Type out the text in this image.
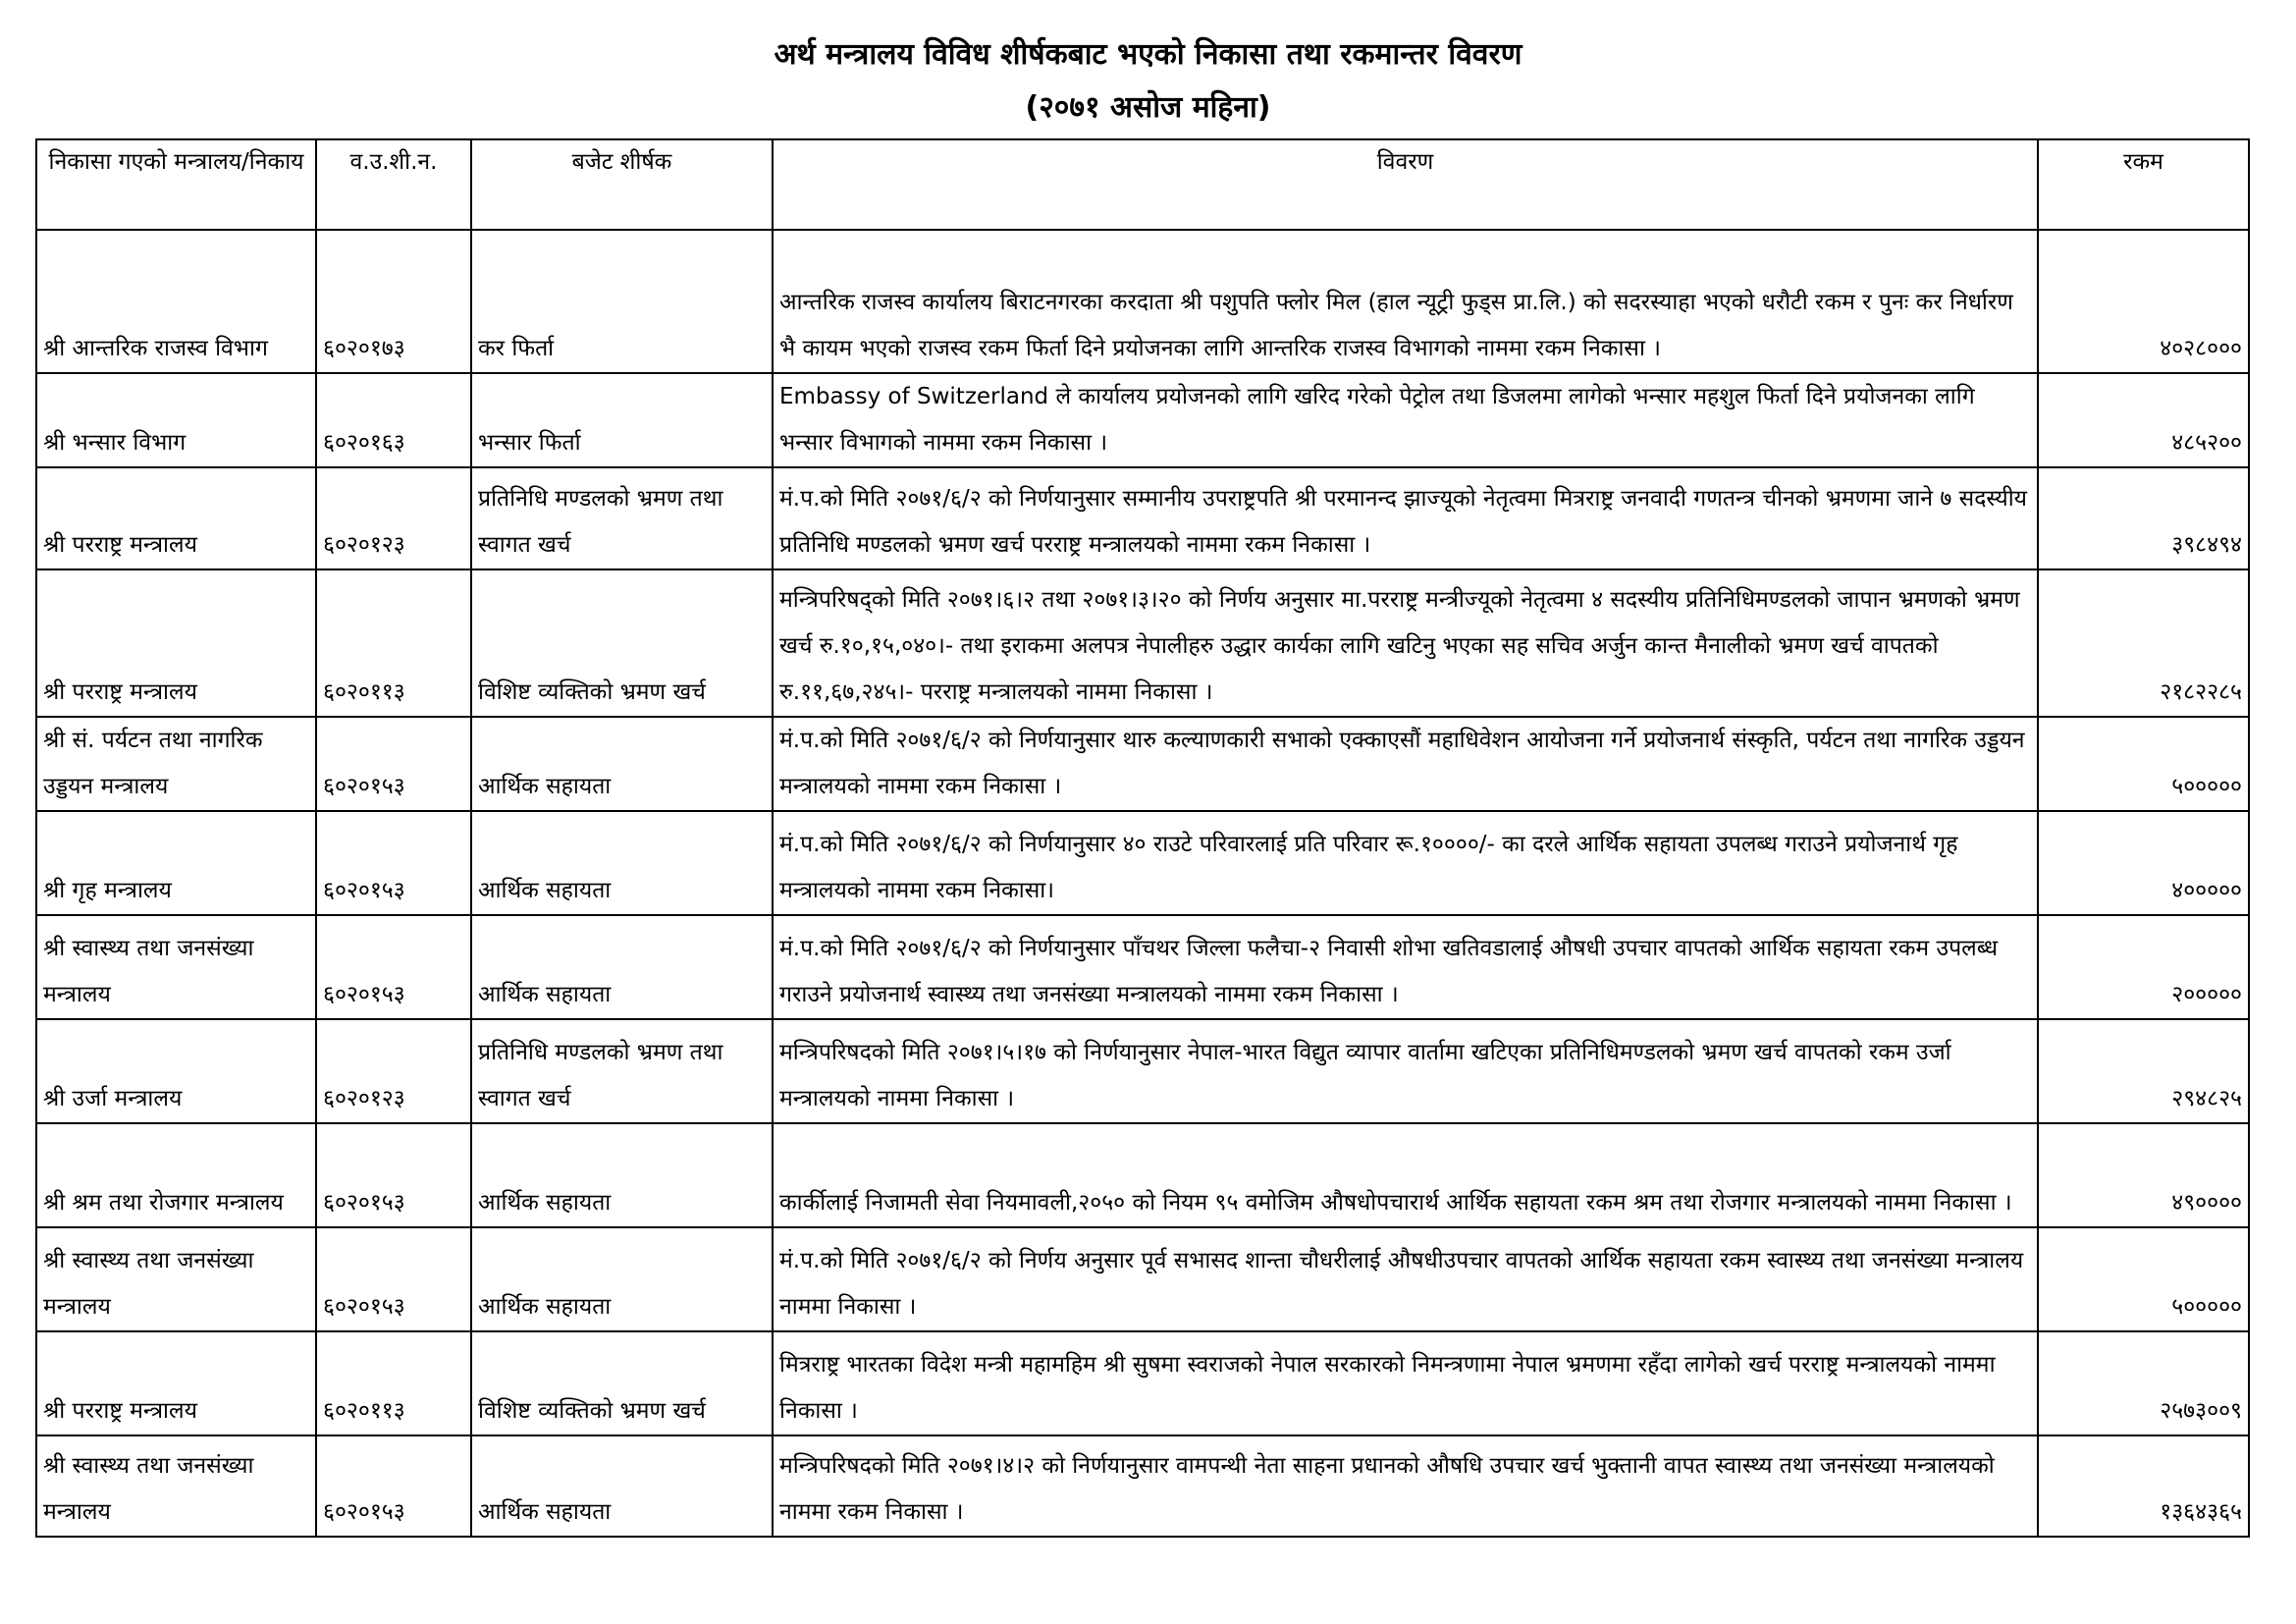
अर्थ मन्त्रालय विविध शीर्षकबाट भएको निकासा तथा रकमान्तर विवरण
(२०७१ असोज महिना)
निकासा गएको मन्त्रालय/निकाय	व.उ.शी.न.	बजेट शीर्षक	विवरण	रकम
श्री आन्तरिक राजस्व विभाग	६०२०१७३	कर फिर्ता	आन्तरिक राजस्व कार्यालय बिराटनगरका करदाता श्री पशुपति फ्लोर मिल (हाल न्यूट्री फुड्स प्रा.लि.) को सदरस्याहा भएको धरौटी रकम र पुनः कर निर्धारण भै कायम भएको राजस्व रकम फिर्ता दिने प्रयोजनका लागि आन्तरिक राजस्व विभागको नाममा रकम निकासा ।	४०२८०००
श्री भन्सार विभाग	६०२०१६३	भन्सार फिर्ता	Embassy of Switzerland ले कार्यालय प्रयोजनको लागि खरिद गरेको पेट्रोल तथा डिजलमा लागेको भन्सार महशुल फिर्ता दिने प्रयोजनका लागि भन्सार विभागको नाममा रकम निकासा ।	४८५२००
श्री परराष्ट्र मन्त्रालय	६०२०१२३	प्रतिनिधि मण्डलको भ्रमण तथा स्वागत खर्च	मं.प.को मिति २०७१/६/२ को निर्णयानुसार सम्मानीय उपराष्ट्रपति श्री परमानन्द झाज्यूको नेतृत्वमा मित्रराष्ट्र जनवादी गणतन्त्र चीनको भ्रमणमा जाने ७ सदस्यीय प्रतिनिधि मण्डलको भ्रमण खर्च परराष्ट्र मन्त्रालयको नाममा रकम निकासा ।	३९८४९४
श्री परराष्ट्र मन्त्रालय	६०२०११३	विशिष्ट व्यक्तिको भ्रमण खर्च	मन्त्रिपरिषद्को मिति २०७१।६।२ तथा २०७१।३।२० को निर्णय अनुसार मा.परराष्ट्र मन्त्रीज्यूको नेतृत्वमा ४ सदस्यीय प्रतिनिधिमण्डलको जापान भ्रमणको भ्रमण खर्च रु.१०,१५,०४०।- तथा इराकमा अलपत्र नेपालीहरु उद्धार कार्यका लागि खटिनु भएका सह सचिव अर्जुन कान्त मैनालीको भ्रमण खर्च वापतको रु.११,६७,२४५।- परराष्ट्र मन्त्रालयको नाममा निकासा ।	२१८२२८५
श्री सं. पर्यटन तथा नागरिक उड्डयन मन्त्रालय	६०२०१५३	आर्थिक सहायता	मं.प.को मिति २०७१/६/२ को निर्णयानुसार थारु कल्याणकारी सभाको एक्काएसौं महाधिवेशन आयोजना गर्ने प्रयोजनार्थ संस्कृति, पर्यटन तथा नागरिक उड्डयन मन्त्रालयको नाममा रकम निकासा ।	५०००००
श्री गृह मन्त्रालय	६०२०१५३	आर्थिक सहायता	मं.प.को मिति २०७१/६/२ को निर्णयानुसार ४० राउटे परिवारलाई प्रति परिवार रू.१००००/- का दरले आर्थिक सहायता उपलब्ध गराउने प्रयोजनार्थ गृह मन्त्रालयको नाममा रकम निकासा।	४०००००
श्री स्वास्थ्य तथा जनसंख्या मन्त्रालय	६०२०१५३	आर्थिक सहायता	मं.प.को मिति २०७१/६/२ को निर्णयानुसार पाँचथर जिल्ला फलैचा-२ निवासी शोभा खतिवडालाई औषधी उपचार वापतको आर्थिक सहायता रकम उपलब्ध गराउने प्रयोजनार्थ स्वास्थ्य तथा जनसंख्या मन्त्रालयको नाममा रकम निकासा ।	२०००००
श्री उर्जा मन्त्रालय	६०२०१२३	प्रतिनिधि मण्डलको भ्रमण तथा स्वागत खर्च	मन्त्रिपरिषदको मिति २०७१।५।१७ को निर्णयानुसार नेपाल-भारत विद्युत व्यापार वार्तामा खटिएका प्रतिनिधिमण्डलको भ्रमण खर्च वापतको रकम उर्जा मन्त्रालयको नाममा निकासा ।	२९४८२५
श्री श्रम तथा रोजगार मन्त्रालय	६०२०१५३	आर्थिक सहायता	कार्कीलाई निजामती सेवा नियमावली,२०५० को नियम ९५ वमोजिम औषधोपचारार्थ आर्थिक सहायता रकम श्रम तथा रोजगार मन्त्रालयको नाममा निकासा ।	४९००००
श्री स्वास्थ्य तथा जनसंख्या मन्त्रालय	६०२०१५३	आर्थिक सहायता	मं.प.को मिति २०७१/६/२ को निर्णय अनुसार पूर्व सभासद शान्ता चौधरीलाई औषधीउपचार वापतको आर्थिक सहायता रकम स्वास्थ्य तथा जनसंख्या मन्त्रालय नाममा निकासा ।	५०००००
श्री परराष्ट्र मन्त्रालय	६०२०११३	विशिष्ट व्यक्तिको भ्रमण खर्च	मित्रराष्ट्र भारतका विदेश मन्त्री महामहिम श्री सुषमा स्वराजको नेपाल सरकारको निमन्त्रणामा नेपाल भ्रमणमा रहँदा लागेको खर्च परराष्ट्र मन्त्रालयको नाममा निकासा ।	२५७३००९
श्री स्वास्थ्य तथा जनसंख्या मन्त्रालय	६०२०१५३	आर्थिक सहायता	मन्त्रिपरिषदको मिति २०७१।४।२ को निर्णयानुसार वामपन्थी नेता साहना प्रधानको औषधि उपचार खर्च भुक्तानी वापत स्वास्थ्य तथा जनसंख्या मन्त्रालयको नाममा रकम निकासा ।	१३६४३६५
